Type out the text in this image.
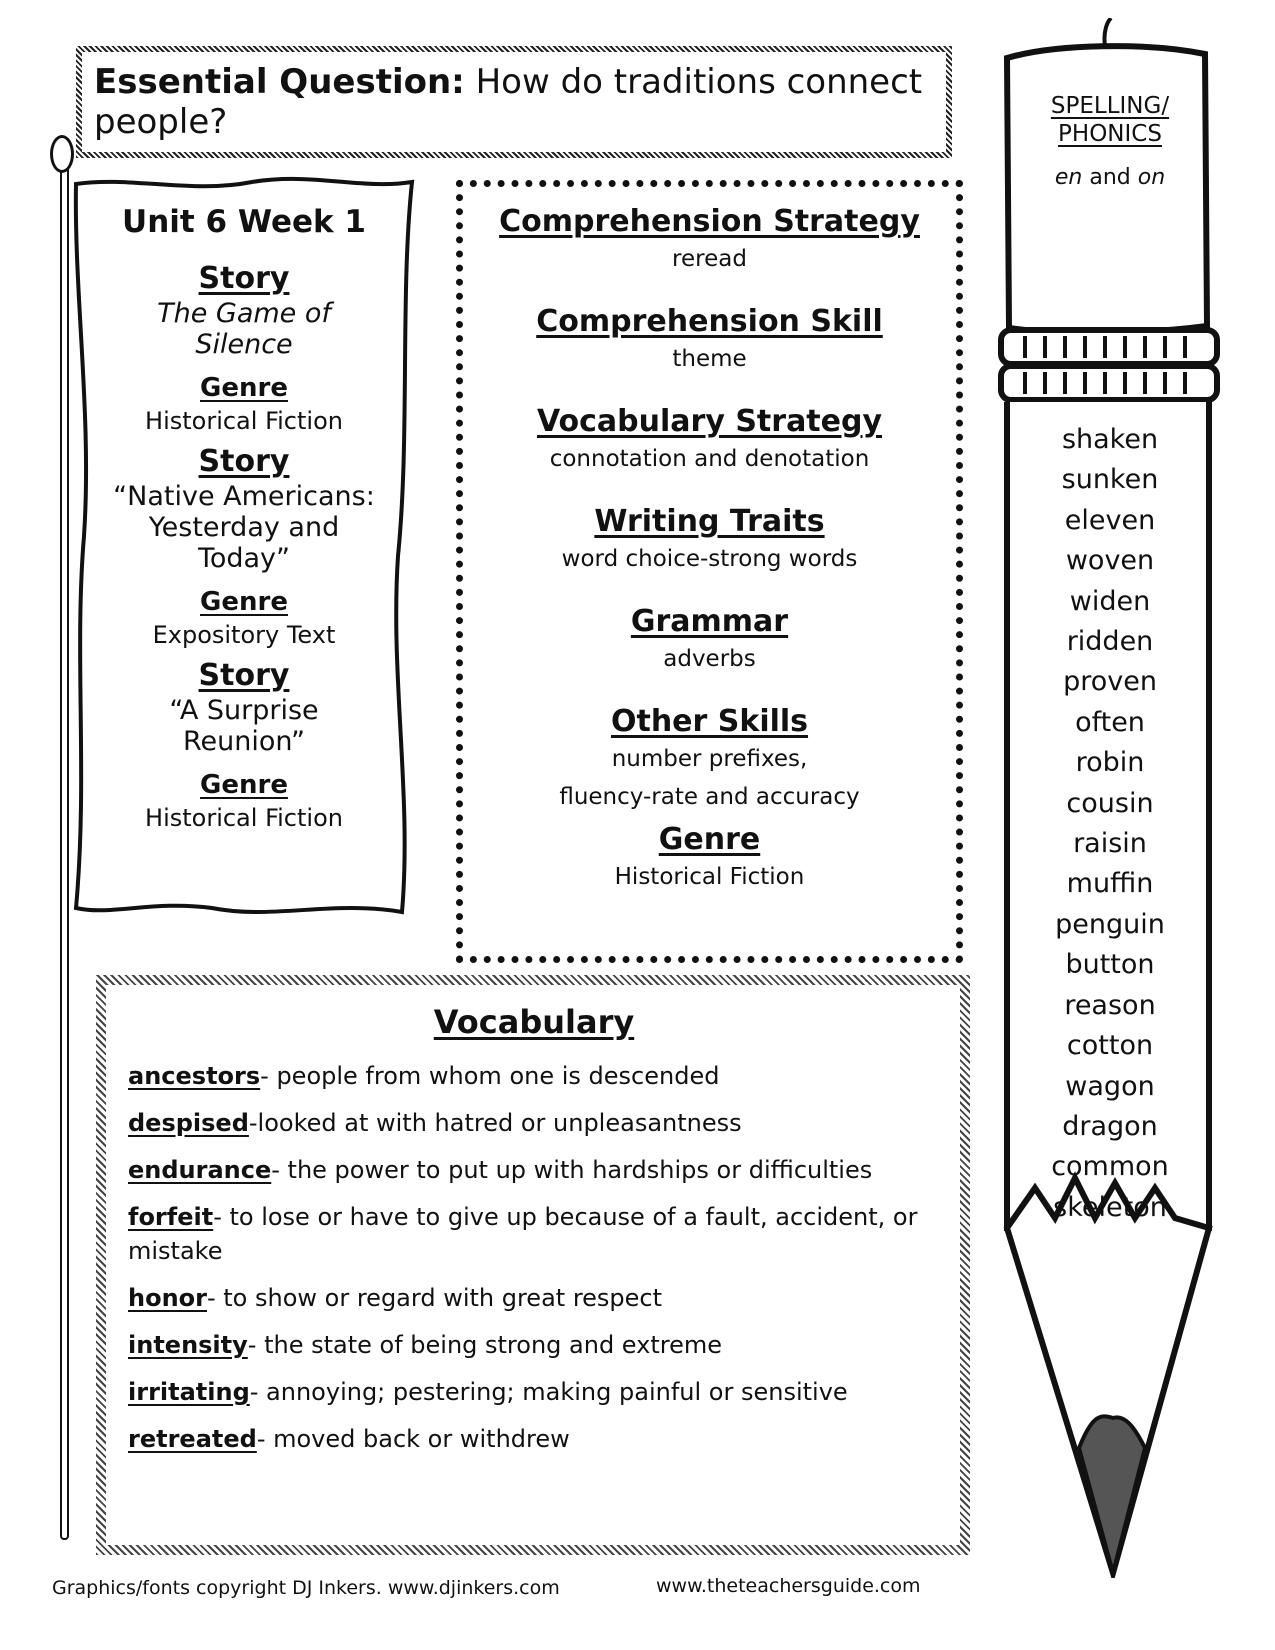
Essential Question: How do traditions connect people?
Unit 6 Week 1
Story
The Game of Silence
Genre
Historical Fiction
Story
“Native Americans: Yesterday and Today”
Genre
Expository Text
Story
“A Surprise Reunion”
Genre
Historical Fiction
Comprehension Strategy
reread
Comprehension Skill
theme
Vocabulary Strategy
connotation and denotation
Writing Traits
word choice-strong words
Grammar
adverbs
Other Skills
number prefixes,
fluency-rate and accuracy
Genre
Historical Fiction
Vocabulary
ancestors- people from whom one is descended
despised-looked at with hatred or unpleasantness
endurance- the power to put up with hardships or difficulties
forfeit- to lose or have to give up because of a fault, accident, or mistake
honor- to show or regard with great respect
intensity- the state of being strong and extreme
irritating- annoying; pestering; making painful or sensitive
retreated- moved back or withdrew
SPELLING/
PHONICS
en and on
shaken
sunken
eleven
woven
widen
ridden
proven
often
robin
cousin
raisin
muffin
penguin
button
reason
cotton
wagon
dragon
common
skeleton
Graphics/fonts copyright DJ Inkers. www.djinkers.com	www.theteachersguide.com
